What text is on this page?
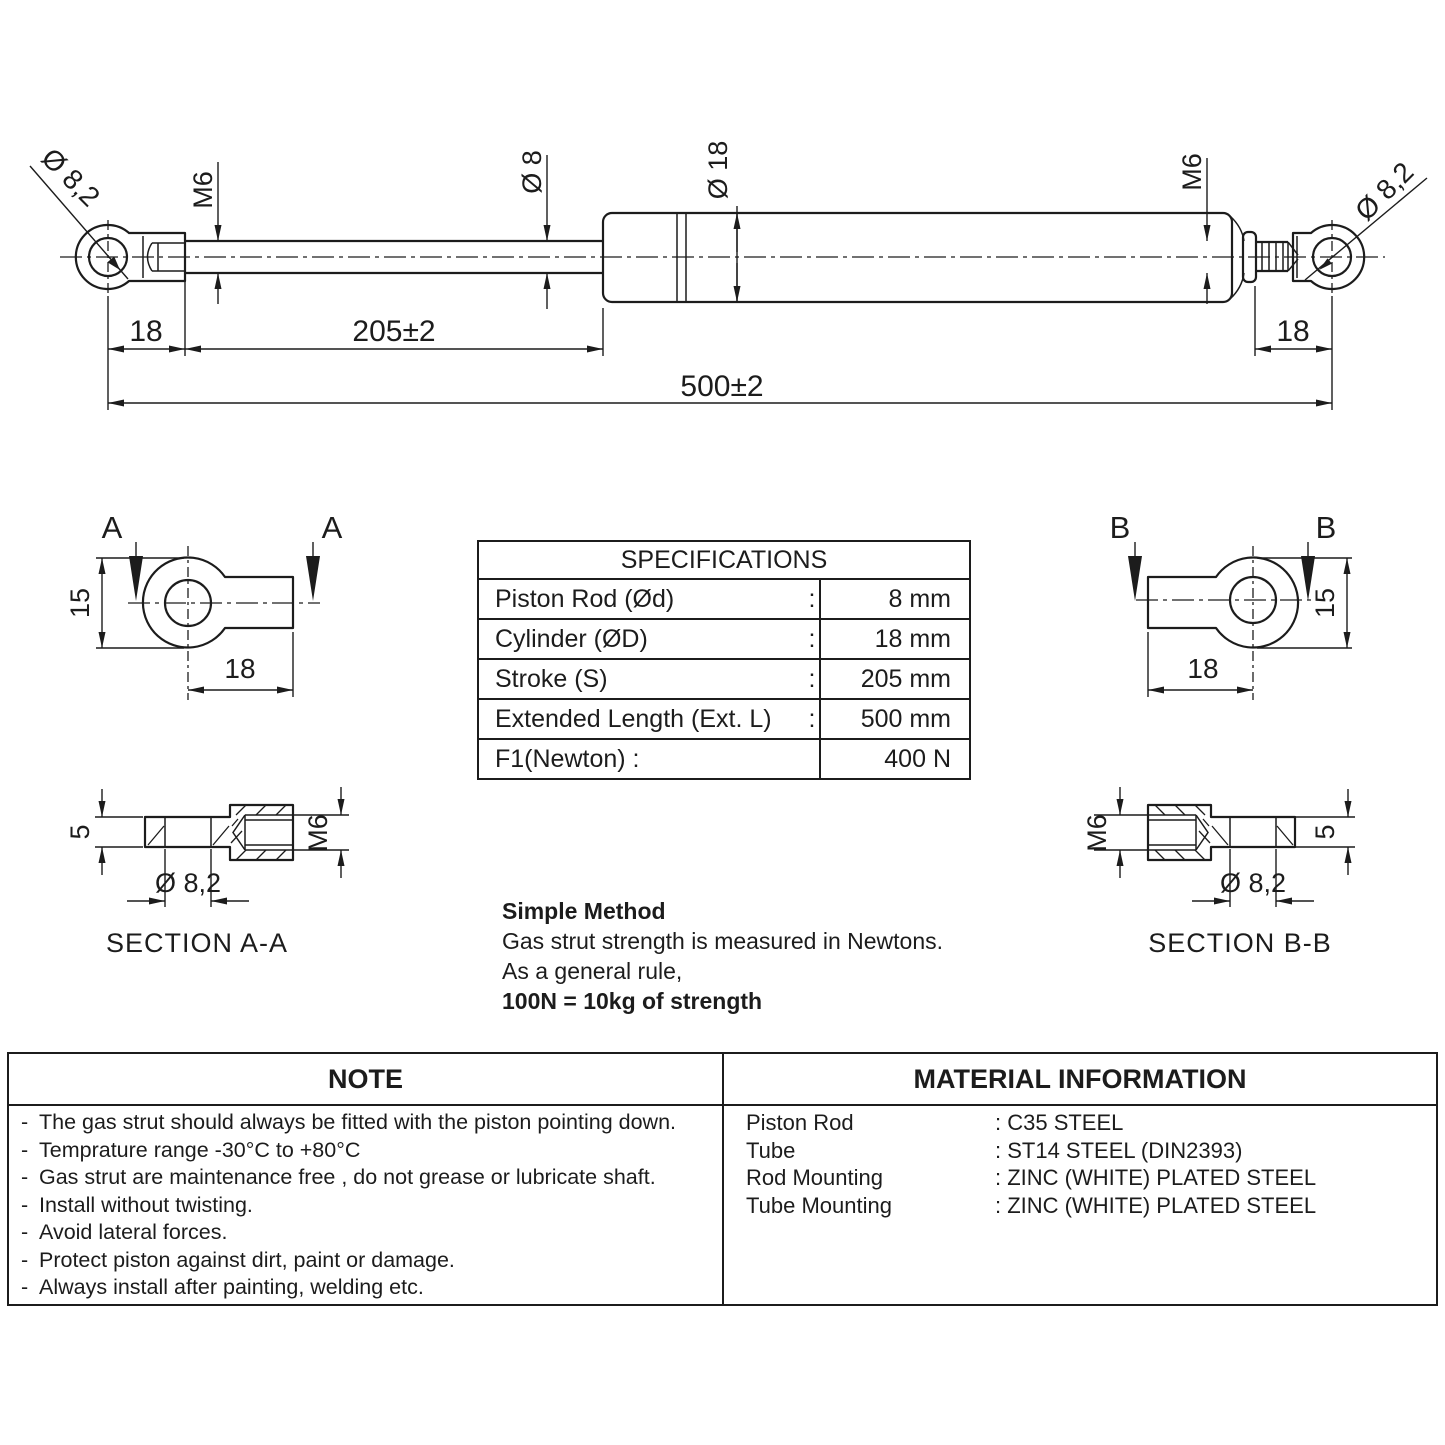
Ø 8,2	M6	Ø 8	Ø 18	M6	Ø 8,2
18	205±2
500±2
18
A	A
15
18
5	M6
Ø 8,2
SECTION A-A
B	B
15
18
M6	5
Ø 8,2
SECTION B-B
SPECIFICATIONS
Piston Rod (Ød)	:	8 mm
Cylinder (ØD)	:	18 mm
Stroke (S)	:	205 mm
Extended Length (Ext. L)	:	500 mm
F1(Newton) :	400 N
Simple Method
Gas strut strength is measured in Newtons.
As a general rule,
100N = 10kg of strength
NOTE
- The gas strut should always be fitted with the piston pointing down.
- Temprature range -30°C to +80°C
- Gas strut are maintenance free , do not grease or lubricate shaft.
- Install without twisting.
- Avoid lateral forces.
- Protect piston against dirt, paint or damage.
- Always install after painting, welding etc.
MATERIAL INFORMATION
Piston Rod	: C35 STEEL
Tube	: ST14 STEEL (DIN2393)
Rod Mounting	: ZINC (WHITE) PLATED STEEL
Tube Mounting	: ZINC (WHITE) PLATED STEEL
